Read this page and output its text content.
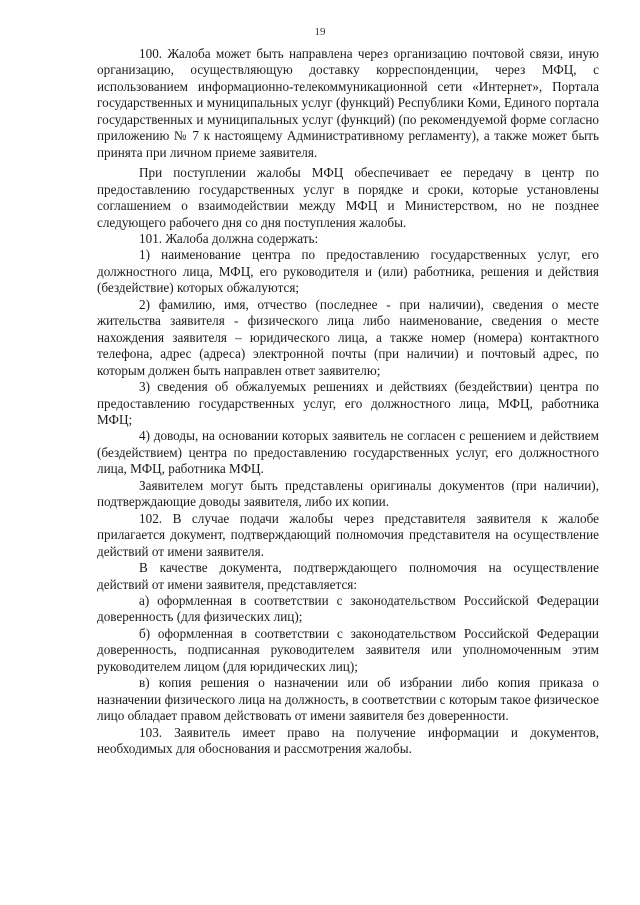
19

100. Жалоба может быть направлена через организацию почтовой связи, иную организацию, осуществляющую доставку корреспонденции, через МФЦ, с использованием информационно-телекоммуникационной сети «Интернет», Портала государственных и муниципальных услуг (функций) Республики Коми, Единого портала государственных и муниципальных услуг (функций) (по рекомендуемой форме согласно приложению № 7 к настоящему Административному регламенту), а также может быть принята при личном приеме заявителя.

При поступлении жалобы МФЦ обеспечивает ее передачу в центр по предоставлению государственных услуг в порядке и сроки, которые установлены соглашением о взаимодействии между МФЦ и Министерством, но не позднее следующего рабочего дня со дня поступления жалобы.

101. Жалоба должна содержать:

1) наименование центра по предоставлению государственных услуг, его должностного лица, МФЦ, его руководителя и (или) работника, решения и действия (бездействие) которых обжалуются;

2) фамилию, имя, отчество (последнее - при наличии), сведения о месте жительства заявителя - физического лица либо наименование, сведения о месте нахождения заявителя – юридического лица, а также номер (номера) контактного телефона, адрес (адреса) электронной почты (при наличии) и почтовый адрес, по которым должен быть направлен ответ заявителю;

3) сведения об обжалуемых решениях и действиях (бездействии) центра по предоставлению государственных услуг, его должностного лица, МФЦ, работника МФЦ;

4) доводы, на основании которых заявитель не согласен с решением и действием (бездействием) центра по предоставлению государственных услуг, его должностного лица, МФЦ, работника МФЦ.

Заявителем могут быть представлены оригиналы документов (при наличии), подтверждающие доводы заявителя, либо их копии.

102. В случае подачи жалобы через представителя заявителя к жалобе прилагается документ, подтверждающий полномочия представителя на осуществление действий от имени заявителя.

В качестве документа, подтверждающего полномочия на осуществление действий от имени заявителя, представляется:

а) оформленная в соответствии с законодательством Российской Федерации доверенность (для физических лиц);

б) оформленная в соответствии с законодательством Российской Федерации доверенность, подписанная руководителем заявителя или уполномоченным этим руководителем лицом (для юридических лиц);

в) копия решения о назначении или об избрании либо копия приказа о назначении физического лица на должность, в соответствии с которым такое физическое лицо обладает правом действовать от имени заявителя без доверенности.

103. Заявитель имеет право на получение информации и документов, необходимых для обоснования и рассмотрения жалобы.
